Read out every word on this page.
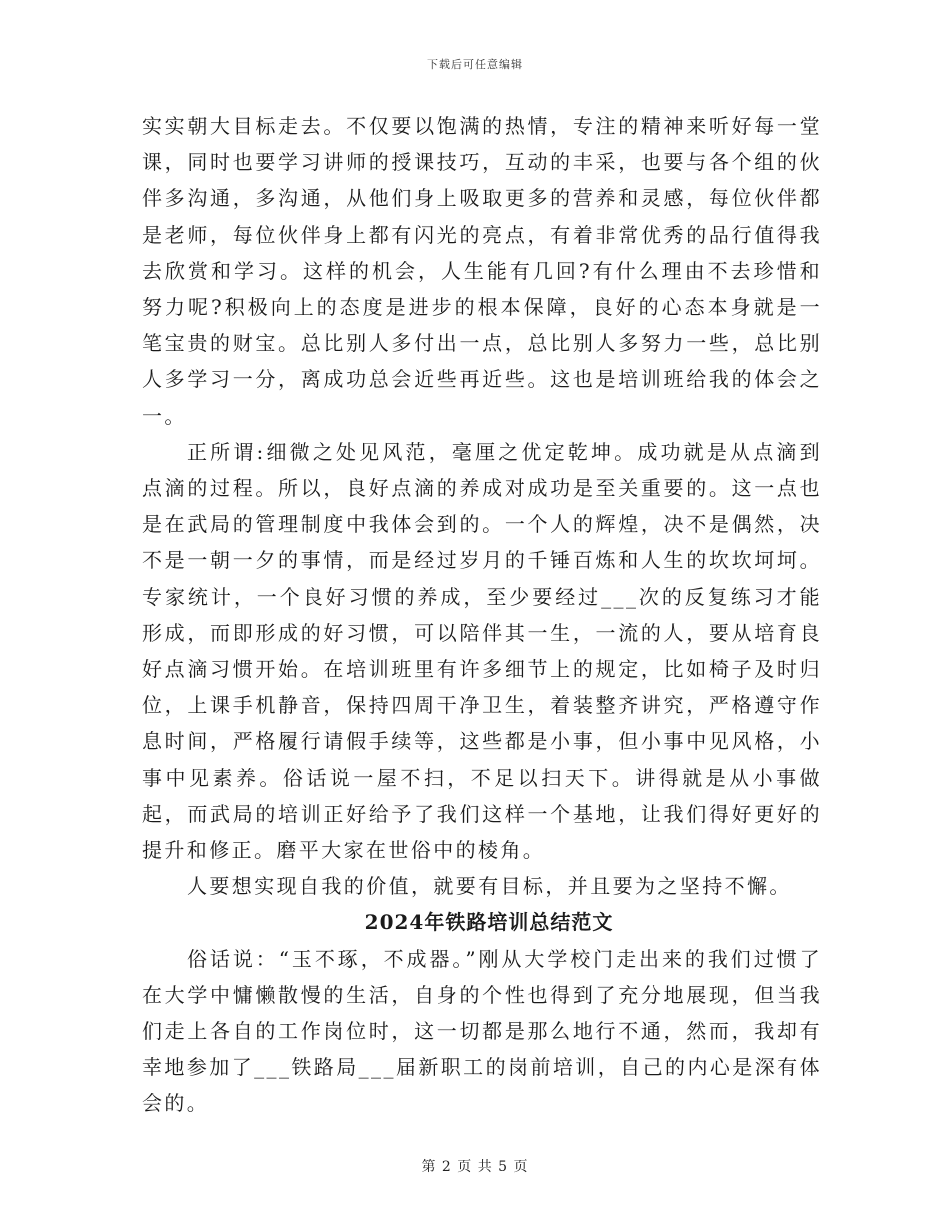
下载后可任意编辑

实实朝大目标走去。不仅要以饱满的热情，专注的精神来听好每一堂课，同时也要学习讲师的授课技巧，互动的丰采，也要与各个组的伙伴多沟通，多沟通，从他们身上吸取更多的营养和灵感，每位伙伴都是老师，每位伙伴身上都有闪光的亮点，有着非常优秀的品行值得我去欣赏和学习。这样的机会，人生能有几回?有什么理由不去珍惜和努力呢?积极向上的态度是进步的根本保障，良好的心态本身就是一笔宝贵的财宝。总比别人多付出一点，总比别人多努力一些，总比别人多学习一分，离成功总会近些再近些。这也是培训班给我的体会之一。

正所谓:细微之处见风范，毫厘之优定乾坤。成功就是从点滴到点滴的过程。所以，良好点滴的养成对成功是至关重要的。这一点也是在武局的管理制度中我体会到的。一个人的辉煌，决不是偶然，决不是一朝一夕的事情，而是经过岁月的千锤百炼和人生的坎坎坷坷。专家统计，一个良好习惯的养成，至少要经过___次的反复练习才能形成，而即形成的好习惯，可以陪伴其一生，一流的人，要从培育良好点滴习惯开始。在培训班里有许多细节上的规定，比如椅子及时归位，上课手机静音，保持四周干净卫生，着装整齐讲究，严格遵守作息时间，严格履行请假手续等，这些都是小事，但小事中见风格，小事中见素养。俗话说一屋不扫，不足以扫天下。讲得就是从小事做起，而武局的培训正好给予了我们这样一个基地，让我们得好更好的提升和修正。磨平大家在世俗中的棱角。

人要想实现自我的价值，就要有目标，并且要为之坚持不懈。

2024年铁路培训总结范文

俗话说：“玉不琢，不成器。”刚从大学校门走出来的我们过惯了在大学中慵懒散慢的生活，自身的个性也得到了充分地展现，但当我们走上各自的工作岗位时，这一切都是那么地行不通，然而，我却有幸地参加了___铁路局___届新职工的岗前培训，自己的内心是深有体会的。

第 2 页 共 5 页
